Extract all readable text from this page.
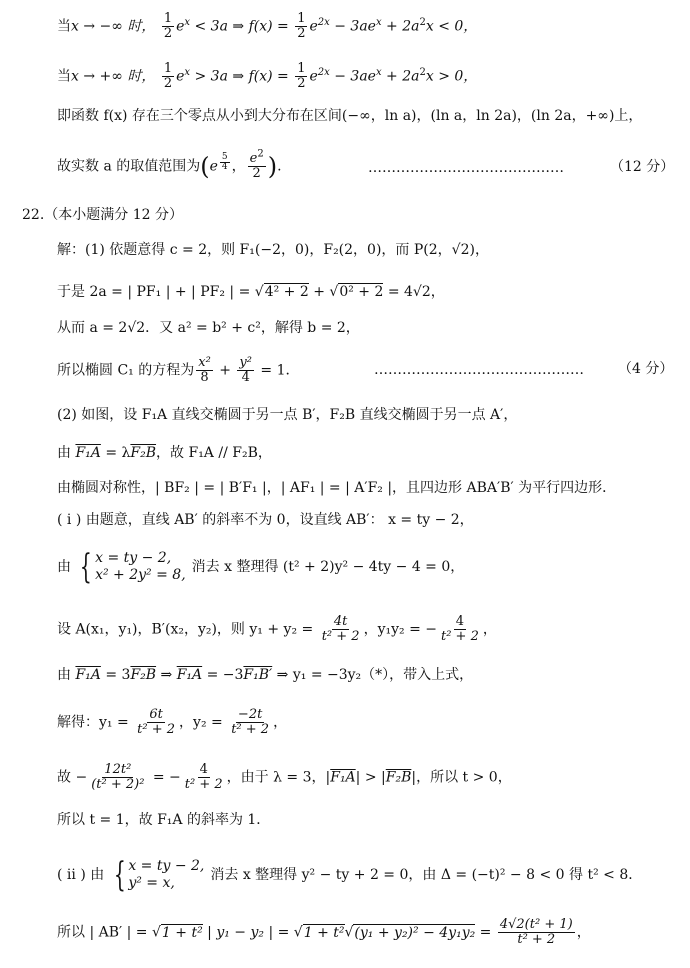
当x → −∞ 时， $\frac{1}{2} e^x < 3a$ ⇒ $f(x) = \frac{1}{2} e^{2x} - 3ae^x + 2a^2x < 0$，
当x → +∞ 时， $\frac{1}{2} e^x > 3a$ ⇒ $f(x) = \frac{1}{2} e^{2x} - 3ae^x + 2a^2x > 0$，
即函数 f(x) 存在三个零点从小到大分布在区间(−∞，ln a)，(ln a，ln 2a)，(ln 2a，+∞)上，
故实数 a 的取值范围为(e $^{\frac{5}{4}}$ ， $\frac{e^2}{2}$ ).	……………………………………	（12 分）
22.（本小题满分 12 分）
解：(1) 依题意得 c = 2，则 F₁(−2，0)，F₂(2，0)，而 P(2，√2)，
于是 2a = | PF₁ | + | PF₂ | = √4² + 2 + √0² + 2 = 4√2，
从而 a = 2√2．又 a² = b² + c²，解得 b = 2，
所以椭圆 C₁ 的方程为 $\frac{\text{x²}}{8} + \frac{\text{y²}}{4} = 1$．	……………………………………… （4 分）
(2) 如图，设 F₁A 直线交椭圆于另一点 B′，F₂B 直线交椭圆于另一点 A′，
由 F₁A = λF₂B，故 F₁A // F₂B，
由椭圆对称性，| BF₂ | = | B′F₁ |，| AF₁ | = | A′F₂ |，且四边形 ABA′B′ 为平行四边形．
( i ) 由题意，直线 AB′ 的斜率不为 0，设直线 AB′： x = ty − 2，
由 { x = ty − 2,
x² + 2y² = 8, 消去 x 整理得 (t² + 2)y² − 4ty − 4 = 0，
设 A(x₁，y₁)，B′(x₂，y₂)，则 $y_1 + y_2 = \frac{4t}{\text{t² + 2}}$ ，y₁y₂ = − $\frac{4}{\text{t² + 2}}$ ，
由 F₁A = 3F₂B ⇒ F₁A = −3F₁B′ ⇒ y₁ = −3y₂（*），带入上式，
解得：$y_1 = \frac{6t}{\text{t² + 2}}$ ，$y_2 = \frac{-2t}{\text{t² + 2}}$ ，
故 − $\frac{\text{12t²}}{\text{(t² + 2)²}}$ = − $\frac{4}{\text{t² + 2}}$ ，由于 λ = 3，|F₁A| > |F₂B|，所以 t > 0，
所以 t = 1，故 F₁A 的斜率为 1．
( ii ) 由 { x = ty − 2,
y² = x,	消去 x 整理得 y² − ty + 2 = 0，由 Δ = (−t)² − 8 < 0 得 t² < 8．
所以 | AB′ | = √1 + t² | y₁ − y₂ | = $√1 + t^2√(y_1 + y_2)^2 - 4y_1y_2 = \frac{\text{4√2(t² + 1)}}{\text{t² + 2}}$ ，
